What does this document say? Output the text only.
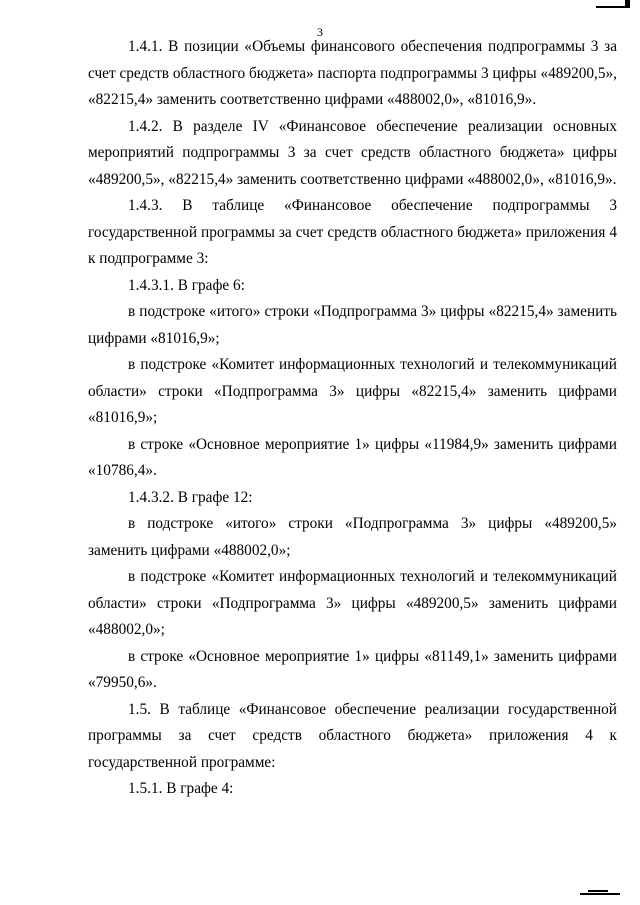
3

1.4.1. В позиции «Объемы финансового обеспечения подпрограммы 3 за счет средств областного бюджета» паспорта подпрограммы 3 цифры «489200,5», «82215,4» заменить соответственно цифрами «488002,0», «81016,9».

1.4.2. В разделе IV «Финансовое обеспечение реализации основных мероприятий подпрограммы 3 за счет средств областного бюджета» цифры «489200,5», «82215,4» заменить соответственно цифрами «488002,0», «81016,9».

1.4.3. В таблице «Финансовое обеспечение подпрограммы 3 государственной программы за счет средств областного бюджета» приложения 4 к подпрограмме 3:

1.4.3.1. В графе 6:

в подстроке «итого» строки «Подпрограмма 3» цифры «82215,4» заменить цифрами «81016,9»;

в подстроке «Комитет информационных технологий и телекоммуникаций области» строки «Подпрограмма 3» цифры «82215,4» заменить цифрами «81016,9»;

в строке «Основное мероприятие 1» цифры «11984,9» заменить цифрами «10786,4».

1.4.3.2. В графе 12:

в подстроке «итого» строки «Подпрограмма 3» цифры «489200,5» заменить цифрами «488002,0»;

в подстроке «Комитет информационных технологий и телекоммуникаций области» строки «Подпрограмма 3» цифры «489200,5» заменить цифрами «488002,0»;

в строке «Основное мероприятие 1» цифры «81149,1» заменить цифрами «79950,6».

1.5. В таблице «Финансовое обеспечение реализации государственной программы за счет средств областного бюджета» приложения 4 к государственной программе:

1.5.1. В графе 4:
